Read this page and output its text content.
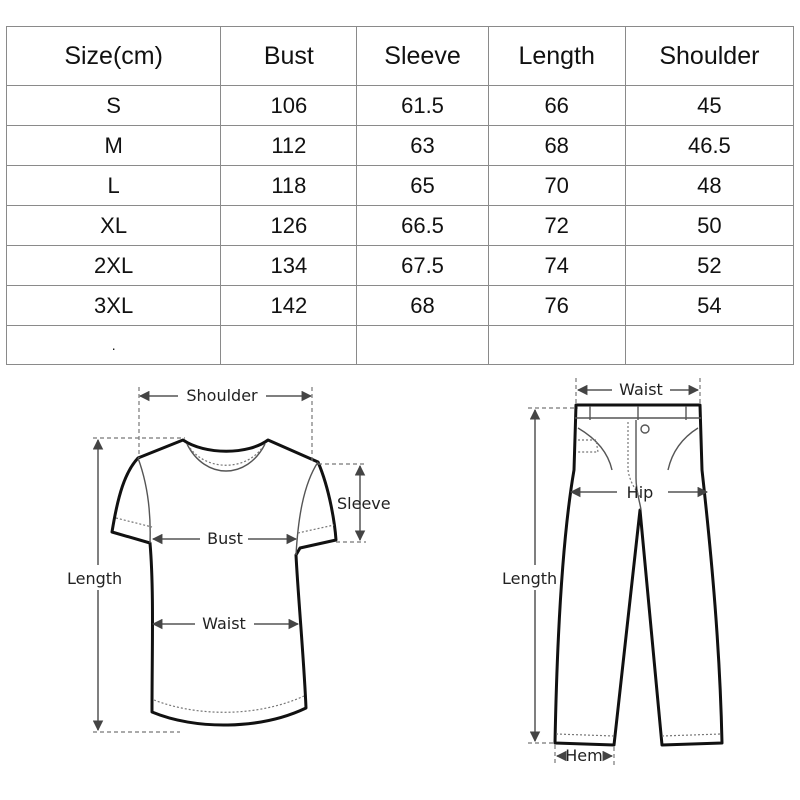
Size(cm)	Bust	Sleeve	Length	Shoulder
S	106	61.5	66	45
M	112	63	68	46.5
L	118	65	70	48
XL	126	66.5	72	50
2XL	134	67.5	74	52
3XL	142	68	76	54
.				
Shoulder
Sleeve
Bust
Waist
Length
Waist
Hip
Length
Hem
